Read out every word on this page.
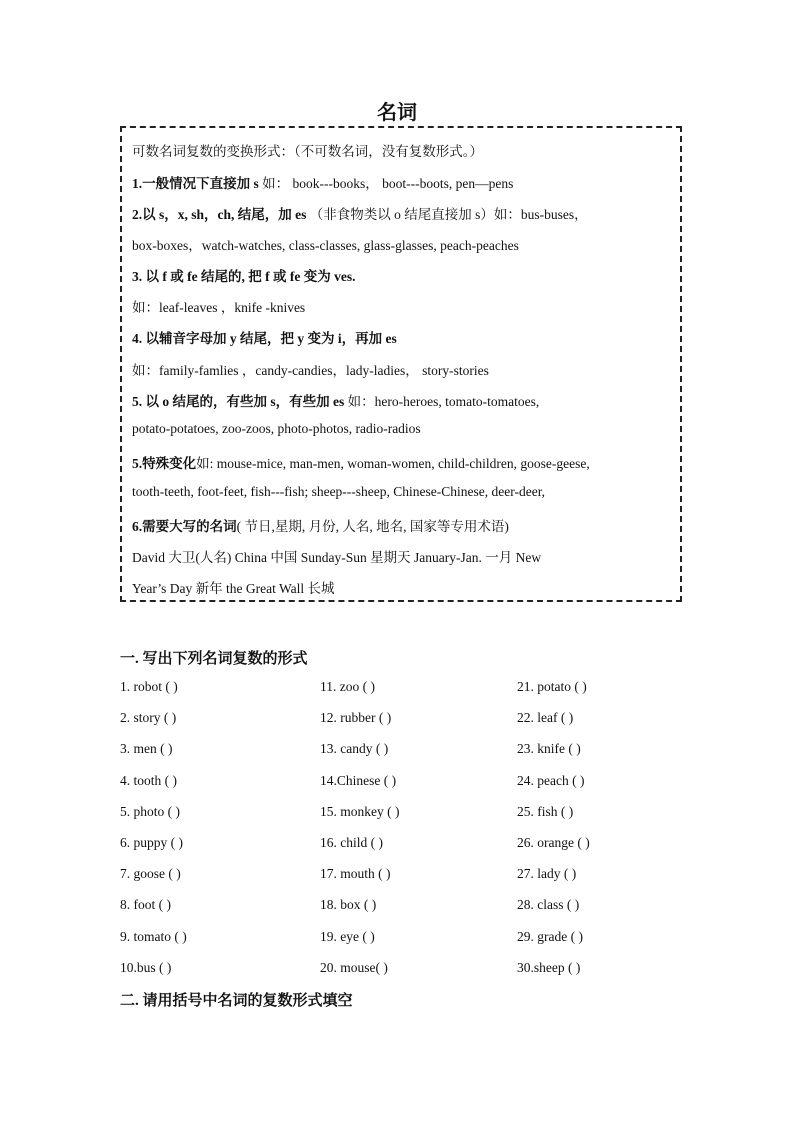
名词
可数名词复数的变换形式：（不可数名词，没有复数形式。）
1.一般情况下直接加 s 如： book---books， boot---boots, pen—pens
2.以 s，x, sh，ch, 结尾，加 es （非食物类以 o 结尾直接加 s）如：bus-buses，
box-boxes，watch-watches, class-classes, glass-glasses, peach-peaches
3. 以 f 或 fe 结尾的, 把 f 或 fe 变为 ves.
如：leaf-leaves ，knife -knives
4. 以辅音字母加 y 结尾，把 y 变为 i，再加 es
如：family-famlies ，candy-candies，lady-ladies， story-stories
5. 以 o 结尾的，有些加 s，有些加 es 如：hero-heroes, tomato-tomatoes,
potato-potatoes, zoo-zoos, photo-photos, radio-radios
5.特殊变化如: mouse-mice, man-men, woman-women, child-children, goose-geese,
tooth-teeth, foot-feet, fish---fish; sheep---sheep, Chinese-Chinese, deer-deer,
6.需要大写的名词( 节日,星期, 月份, 人名, 地名, 国家等专用术语)
David 大卫(人名) China 中国 Sunday-Sun 星期天 January-Jan. 一月 New
Year’s Day 新年 the Great Wall 长城
一. 写出下列名词复数的形式
1. robot ( )
2. story ( )
3. men ( )
4. tooth ( )
5. photo ( )
6. puppy ( )
7. goose ( )
8. foot ( )
9. tomato ( )
10.bus ( )
11. zoo ( )
12. rubber ( )
13. candy ( )
14.Chinese ( )
15. monkey ( )
16. child ( )
17. mouth ( )
18. box ( )
19. eye ( )
20. mouse( )
21. potato ( )
22. leaf ( )
23. knife ( )
24. peach ( )
25. fish ( )
26. orange ( )
27. lady ( )
28. class ( )
29. grade ( )
30.sheep ( )
二. 请用括号中名词的复数形式填空
